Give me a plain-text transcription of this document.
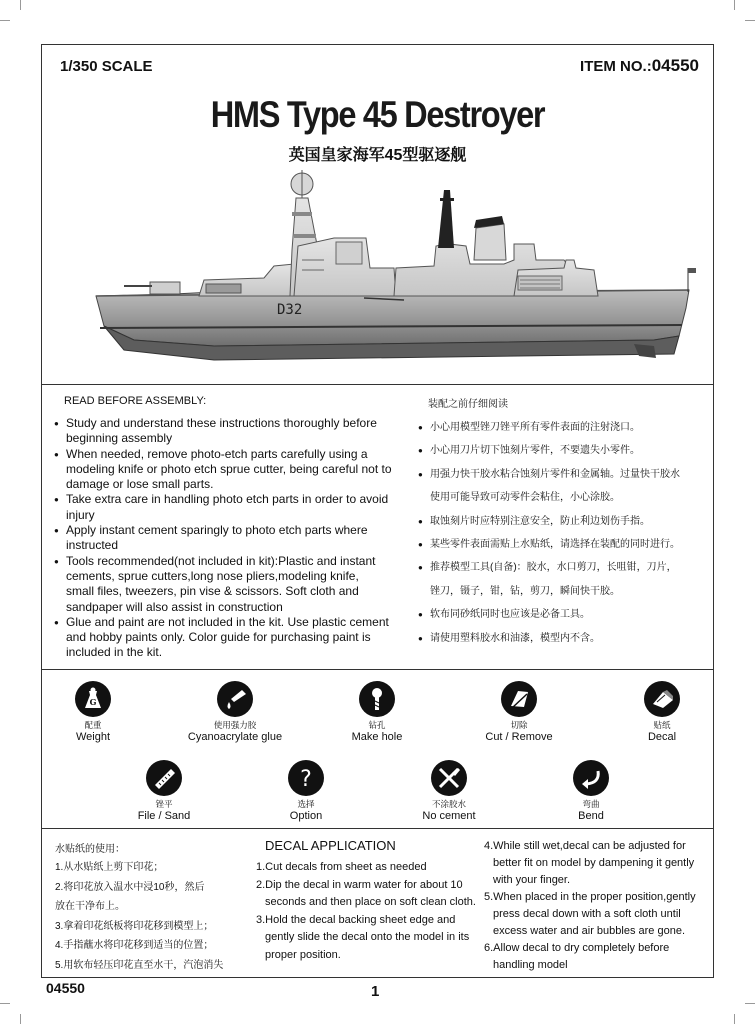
1/350 SCALE	ITEM NO.:04550
HMS Type 45 Destroyer
英国皇家海军45型驱逐舰
D32
READ BEFORE ASSEMBLY:
● Study and understand these instructions thoroughly before
beginning assembly
● When needed, remove photo-etch parts carefully using a
modeling knife or photo etch sprue cutter, being careful not to
damage or lose small parts.
● Take extra care in handling photo etch parts in order to avoid
injury
● Apply instant cement sparingly to photo etch parts where
instructed
● Tools recommended(not included in kit):Plastic and instant
cements, sprue cutters,long nose pliers,modeling knife,
small files, tweezers, pin vise & scissors. Soft cloth and
sandpaper will also assist in construction
● Glue and paint are not included in the kit. Use plastic cement
and hobby paints only. Color guide for purchasing paint is
included in the kit.
装配之前仔细阅读
● 小心用模型锉刀锉平所有零件表面的注射浇口。
● 小心用刀片切下蚀刻片零件，不要遗失小零件。
● 用强力快干胶水粘合蚀刻片零件和金属轴。过量快干胶水
使用可能导致可动零件会粘住，小心涂胶。
● 取蚀刻片时应特别注意安全，防止利边划伤手指。
● 某些零件表面需贴上水贴纸，请选择在装配的同时进行。
● 推荐模型工具(自备)：胶水，水口剪刀，长咀钳，刀片，
锉刀，镊子，钳，钻，剪刀，瞬间快干胶。
● 软布同砂纸同时也应该是必备工具。
● 请使用塑料胶水和油漆，模型内不含。
G
配重
Weight
使用强力胶
Cyanoacrylate glue
钻孔
Make hole
切除
Cut / Remove
贴纸
Decal
锉平
File / Sand
?
选择
Option
不涂胶水
No cement
弯曲
Bend
水贴纸的使用：
1.从水贴纸上剪下印花；
2.将印花放入温水中浸10秒，然后
放在干净布上。
3.拿着印花纸板将印花移到模型上；
4.手指蘸水将印花移到适当的位置；
5.用软布轻压印花直至水干，汽泡消失
DECAL APPLICATION
1.Cut decals from sheet as needed
2.Dip the decal in warm water for about 10
seconds and then place on soft clean cloth.
3.Hold the decal backing sheet edge and
gently slide the decal onto the model in its
proper position.
4.While still wet,decal can be adjusted for
better fit on model by dampening it gently
with your finger.
5.When placed in the proper position,gently
press decal down with a soft cloth until
excess water and air bubbles are gone.
6.Allow decal to dry completely before
handling model
04550	1
